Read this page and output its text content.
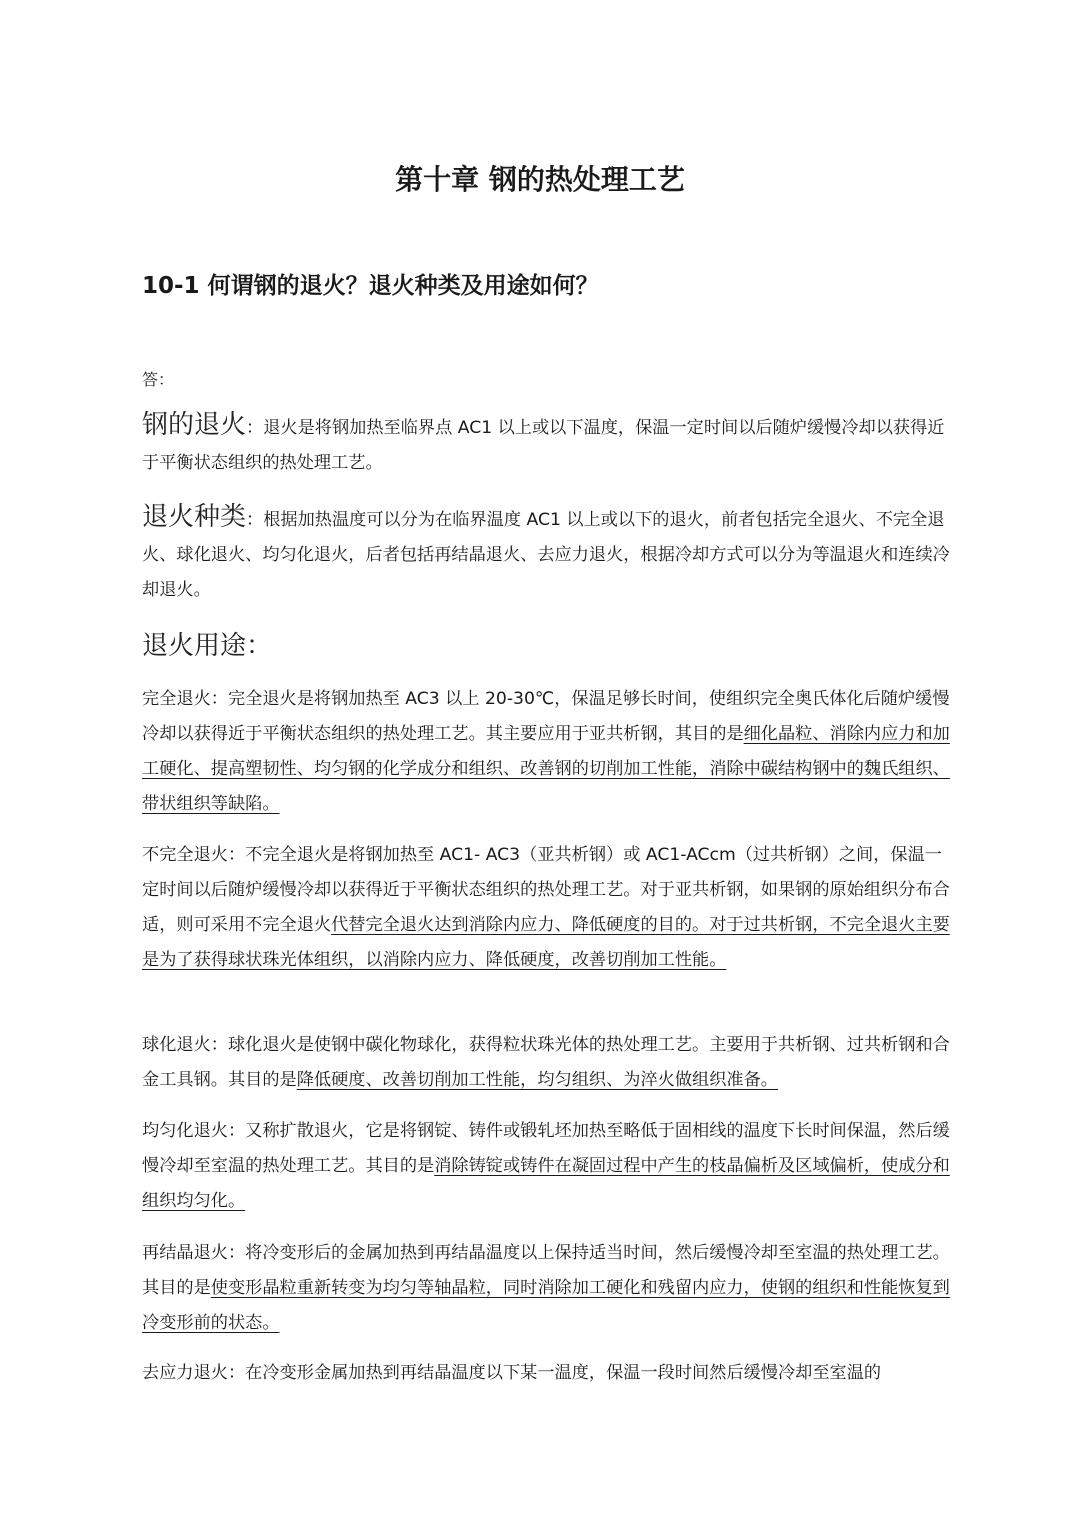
第十章 钢的热处理工艺
10-1 何谓钢的退火？退火种类及用途如何？

答：

钢的退火：退火是将钢加热至临界点 AC1 以上或以下温度，保温一定时间以后随炉缓慢冷却以获得近于平衡状态组织的热处理工艺。

退火种类：根据加热温度可以分为在临界温度 AC1 以上或以下的退火，前者包括完全退火、不完全退火、球化退火、均匀化退火，后者包括再结晶退火、去应力退火，根据冷却方式可以分为等温退火和连续冷却退火。

退火用途：

完全退火：完全退火是将钢加热至 AC3 以上 20-30℃，保温足够长时间，使组织完全奥氏体化后随炉缓慢冷却以获得近于平衡状态组织的热处理工艺。其主要应用于亚共析钢，其目的是细化晶粒、消除内应力和加工硬化、提高塑韧性、均匀钢的化学成分和组织、改善钢的切削加工性能，消除中碳结构钢中的魏氏组织、带状组织等缺陷。

不完全退火：不完全退火是将钢加热至 AC1- AC3（亚共析钢）或 AC1-ACcm（过共析钢）之间，保温一定时间以后随炉缓慢冷却以获得近于平衡状态组织的热处理工艺。对于亚共析钢，如果钢的原始组织分布合适，则可采用不完全退火代替完全退火达到消除内应力、降低硬度的目的。对于过共析钢，不完全退火主要是为了获得球状珠光体组织，以消除内应力、降低硬度，改善切削加工性能。

球化退火：球化退火是使钢中碳化物球化，获得粒状珠光体的热处理工艺。主要用于共析钢、过共析钢和合金工具钢。其目的是降低硬度、改善切削加工性能，均匀组织、为淬火做组织准备。

均匀化退火：又称扩散退火，它是将钢锭、铸件或锻轧坯加热至略低于固相线的温度下长时间保温，然后缓慢冷却至室温的热处理工艺。其目的是消除铸锭或铸件在凝固过程中产生的枝晶偏析及区域偏析，使成分和组织均匀化。

再结晶退火：将冷变形后的金属加热到再结晶温度以上保持适当时间，然后缓慢冷却至室温的热处理工艺。其目的是使变形晶粒重新转变为均匀等轴晶粒，同时消除加工硬化和残留内应力，使钢的组织和性能恢复到冷变形前的状态。

去应力退火：在冷变形金属加热到再结晶温度以下某一温度，保温一段时间然后缓慢冷却至室温的
